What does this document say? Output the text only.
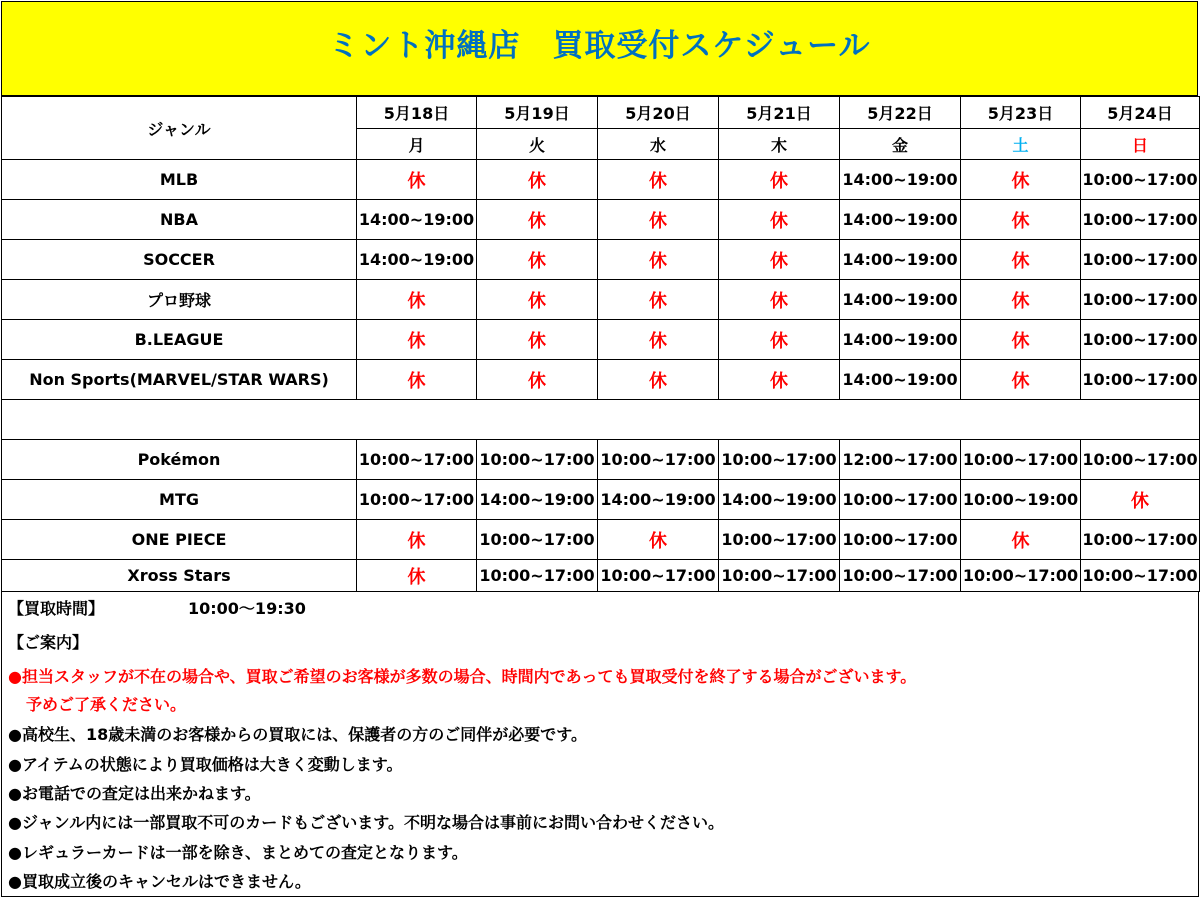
ミント沖縄店　買取受付スケジュール
ジャンル	5月18日	5月19日	5月20日	5月21日	5月22日	5月23日	5月24日
	月	火	水	木	金	土	日
MLB	休	休	休	休	14:00~19:00	休	10:00~17:00
NBA	14:00~19:00	休	休	休	14:00~19:00	休	10:00~17:00
SOCCER	14:00~19:00	休	休	休	14:00~19:00	休	10:00~17:00
プロ野球	休	休	休	休	14:00~19:00	休	10:00~17:00
B.LEAGUE	休	休	休	休	14:00~19:00	休	10:00~17:00
Non Sports(MARVEL/STAR WARS)	休	休	休	休	14:00~19:00	休	10:00~17:00

Pokémon	10:00~17:00	10:00~17:00	10:00~17:00	10:00~17:00	12:00~17:00	10:00~17:00	10:00~17:00
MTG	10:00~17:00	14:00~19:00	14:00~19:00	14:00~19:00	10:00~17:00	10:00~19:00	休
ONE PIECE	休	10:00~17:00	休	10:00~17:00	10:00~17:00	休	10:00~17:00
Xross Stars	休	10:00~17:00	10:00~17:00	10:00~17:00	10:00~17:00	10:00~17:00	10:00~17:00
【買取時間】	10:00〜19:30
【ご案内】
●担当スタッフが不在の場合や、買取ご希望のお客様が多数の場合、時間内であっても買取受付を終了する場合がございます。
予めご了承ください。
●高校生、18歳未満のお客様からの買取には、保護者の方のご同伴が必要です。
●アイテムの状態により買取価格は大きく変動します。
●お電話での査定は出来かねます。
●ジャンル内には一部買取不可のカードもございます。不明な場合は事前にお問い合わせください。
●レギュラーカードは一部を除き、まとめての査定となります。
●買取成立後のキャンセルはできません。
